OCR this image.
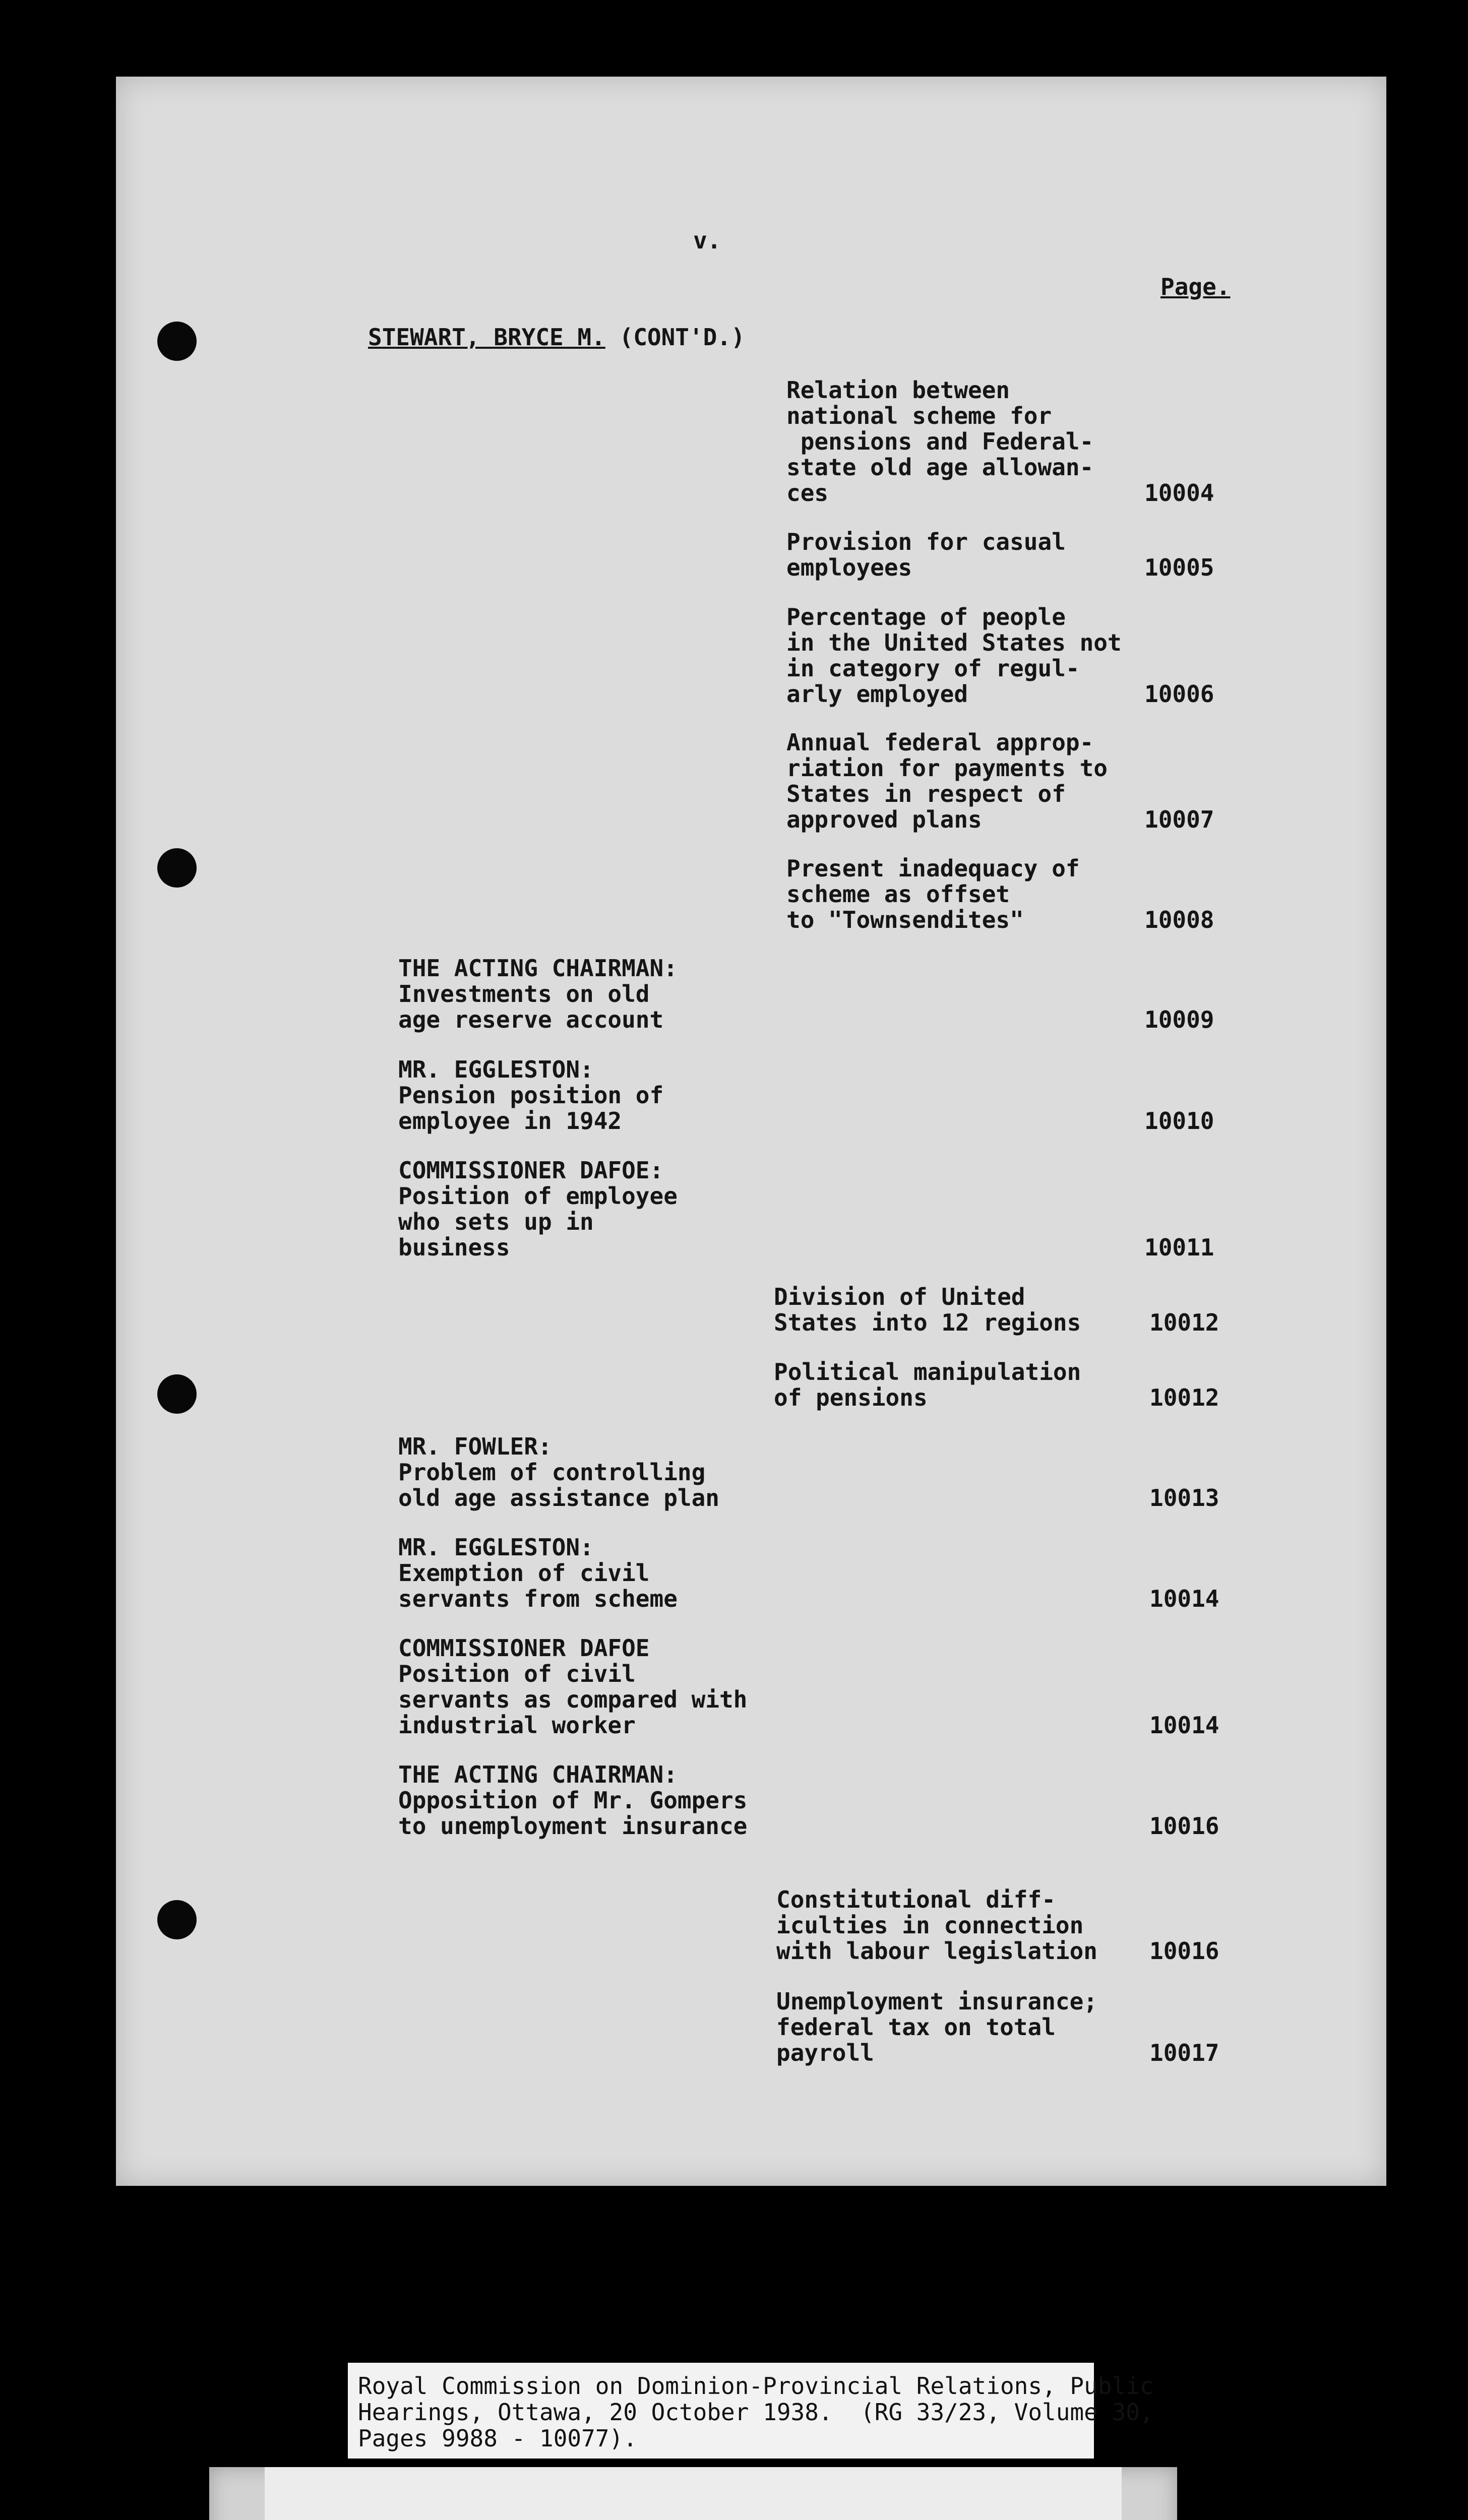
v.
Page.
STEWART, BRYCE M. (CONT'D.)
Relation between
national scheme for
pensions and Federal-
state old age allowan-
ces	10004
Provision for casual
employees	10005
Percentage of people
in the United States not
in category of regul-
arly employed	10006
Annual federal approp-
riation for payments to
States in respect of
approved plans	10007
Present inadequacy of
scheme as offset
to "Townsendites"	10008
THE ACTING CHAIRMAN:
Investments on old
age reserve account	10009
MR. EGGLESTON:
Pension position of
employee in 1942	10010
COMMISSIONER DAFOE:
Position of employee
who sets up in
business	10011
Division of United
States into 12 regions	10012
Political manipulation
of pensions	10012
MR. FOWLER:
Problem of controlling
old age assistance plan	10013
MR. EGGLESTON:
Exemption of civil
servants from scheme	10014
COMMISSIONER DAFOE
Position of civil
servants as compared with
industrial worker	10014
THE ACTING CHAIRMAN:
Opposition of Mr. Gompers
to unemployment insurance	10016
Constitutional diff-
iculties in connection
with labour legislation 10016
Unemployment insurance;
federal tax on total
payroll	10017
Royal Commission on Dominion-Provincial Relations, Public
Hearings, Ottawa, 20 October 1938.  (RG 33/23, Volume 30,
Pages 9988 - 10077).
